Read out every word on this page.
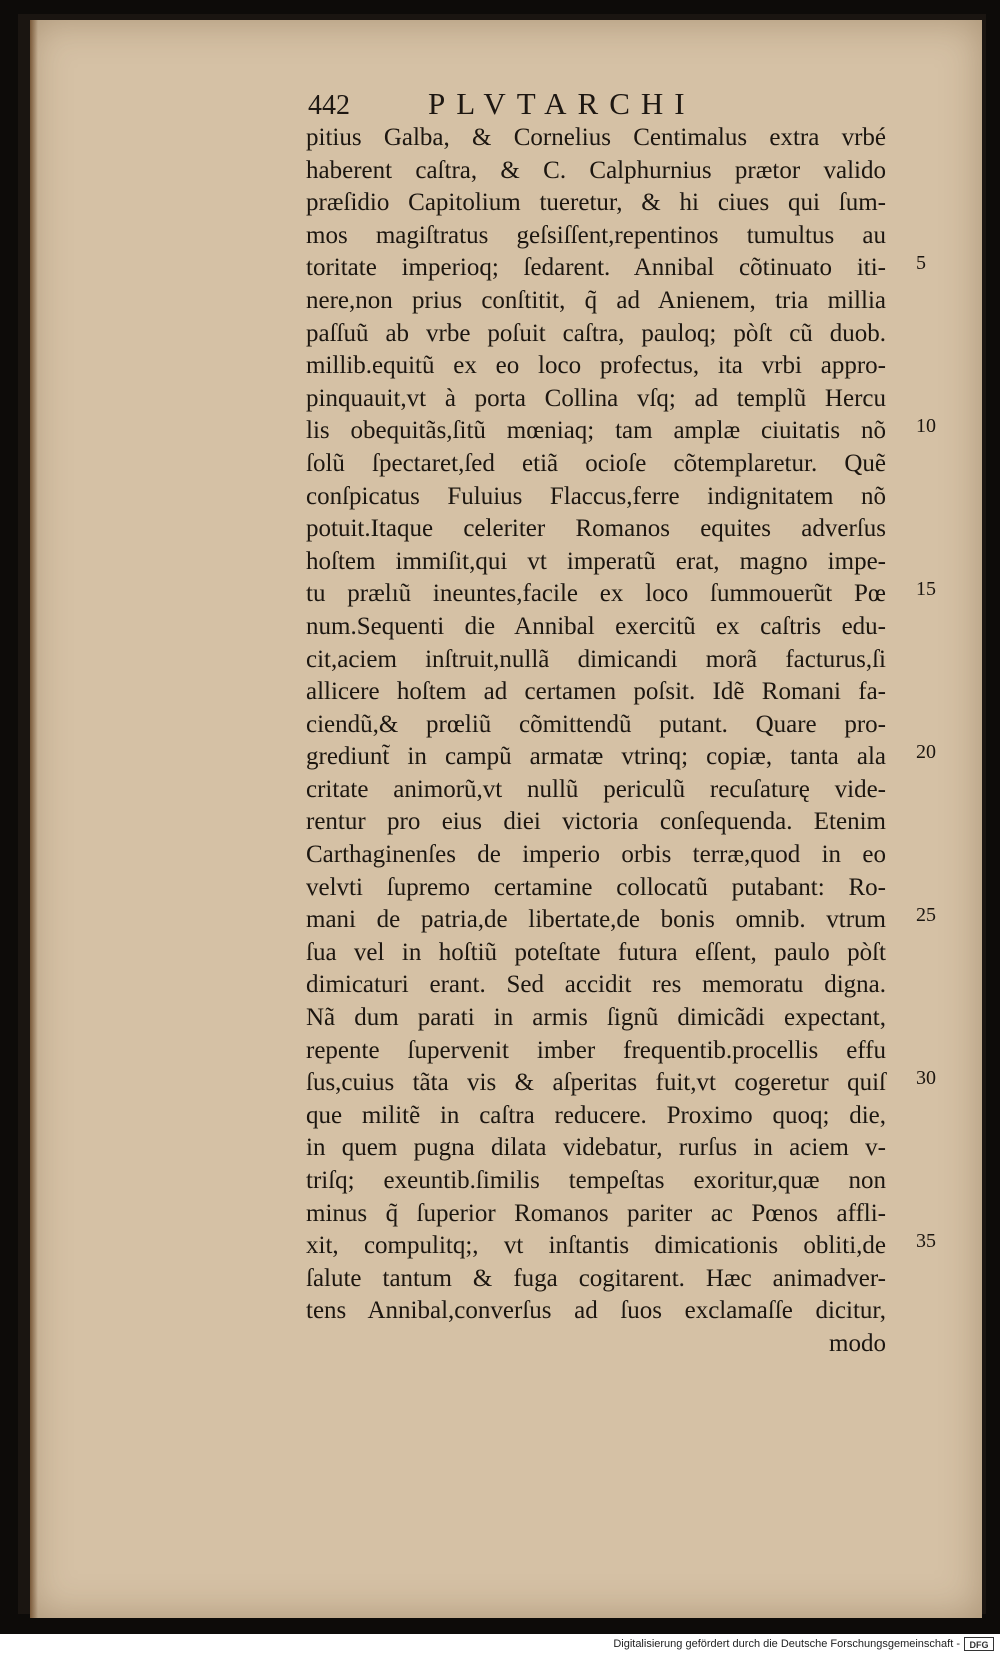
442	PLVTARCHI
pitius Galba, & Cornelius Centimalus extra vrbé
haberent caſtra, & C. Calphurnius prætor valido
præſidio Capitolium tueretur, & hi ciues qui ſum-
mos magiſtratus geſsiſſent,repentinos tumultus au
toritate imperioq; ſedarent. Annibal cõtinuato iti-
nere,non prius conſtitit, q̃ ad Anienem, tria millia
paſſuũ ab vrbe poſuit caſtra, pauloq; pòſt cũ duob.
millib.equitũ ex eo loco profectus, ita vrbi appro-
pinquauit,vt à porta Collina vſq; ad templũ Hercu
lis obequitãs,ſitũ mœniaq; tam amplæ ciuitatis nõ
ſolũ ſpectaret,ſed etiã ocioſe cõtemplaretur. Quẽ
conſpicatus Fuluius Flaccus,ferre indignitatem nõ
potuit.Itaque celeriter Romanos equites adverſus
hoſtem immiſit,qui vt imperatũ erat, magno impe-
tu prælıũ ineuntes,facile ex loco ſummouerũt Pœ
num.Sequenti die Annibal exercitũ ex caſtris edu-
cit,aciem inſtruit,nullã dimicandi morã facturus,ſi
allicere hoſtem ad certamen poſsit. Idẽ Romani fa-
ciendũ,& prœliũ cõmittendũ putant. Quare pro-
grediunt̃ in campũ armatæ vtrinq; copiæ, tanta ala
critate animorũ,vt nullũ periculũ recuſaturę vide-
rentur pro eius diei victoria conſequenda. Etenim
Carthaginenſes de imperio orbis terræ,quod in eo
velvti ſupremo certamine collocatũ putabant: Ro-
mani de patria,de libertate,de bonis omnib. vtrum
ſua vel in hoſtiũ poteſtate futura eſſent, paulo pòſt
dimicaturi erant. Sed accidit res memoratu digna.
Nã dum parati in armis ſignũ dimicãdi expectant,
repente ſupervenit imber frequentib.procellis effu
ſus,cuius tãta vis & aſperitas fuit,vt cogeretur quiſ
que militẽ in caſtra reducere. Proximo quoq; die,
in quem pugna dilata videbatur, rurſus in aciem v-
triſq; exeuntib.ſimilis tempeſtas exoritur,quæ non
minus q̃ ſuperior Romanos pariter ac Pœnos affli-
xit, compulitq;, vt inſtantis dimicationis obliti,de
ſalute tantum & fuga cogitarent. Hæc animadver-
tens Annibal,converſus ad ſuos exclamaſſe dicitur,
modo
5
10
15
20
25
30
35
Digitalisierung gefördert durch die Deutsche Forschungsgemeinschaft -	DFG
